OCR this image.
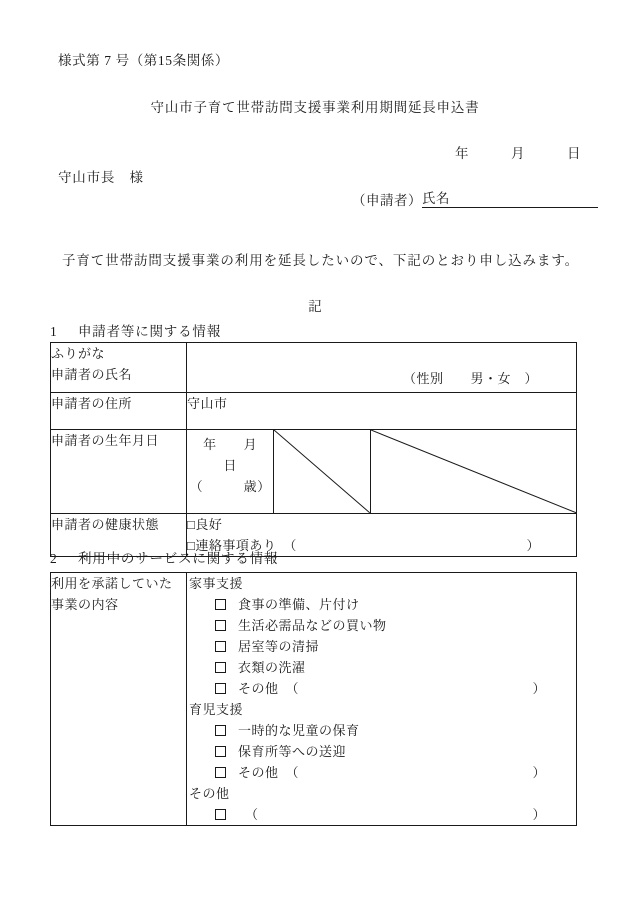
様式第 7 号（第15条関係）
守山市子育て世帯訪問支援事業利用期間延長申込書
年　　　月　　　日
守山市長　様
（申請者） 氏名
子育て世帯訪問支援事業の利用を延長したいので、下記のとおり申し込みます。
記
1 申請者等に関する情報
ふりがな
申請者の氏名	（性別　　男・女　）

申請者の住所	守山市
申請者の生年月日	年　　月　　日
（　　　歳）

申請者の健康状態	□良好
□連絡事項あり　（ ）
2 利用中のサービスに関する情報
利用を承諾していた
事業の内容

家事支援
食事の準備、片付け
生活必需品などの買い物
居室等の清掃
衣類の洗濯
その他　（	）
育児支援
一時的な児童の保育
保育所等への送迎
その他　（	）
その他
　（	）
